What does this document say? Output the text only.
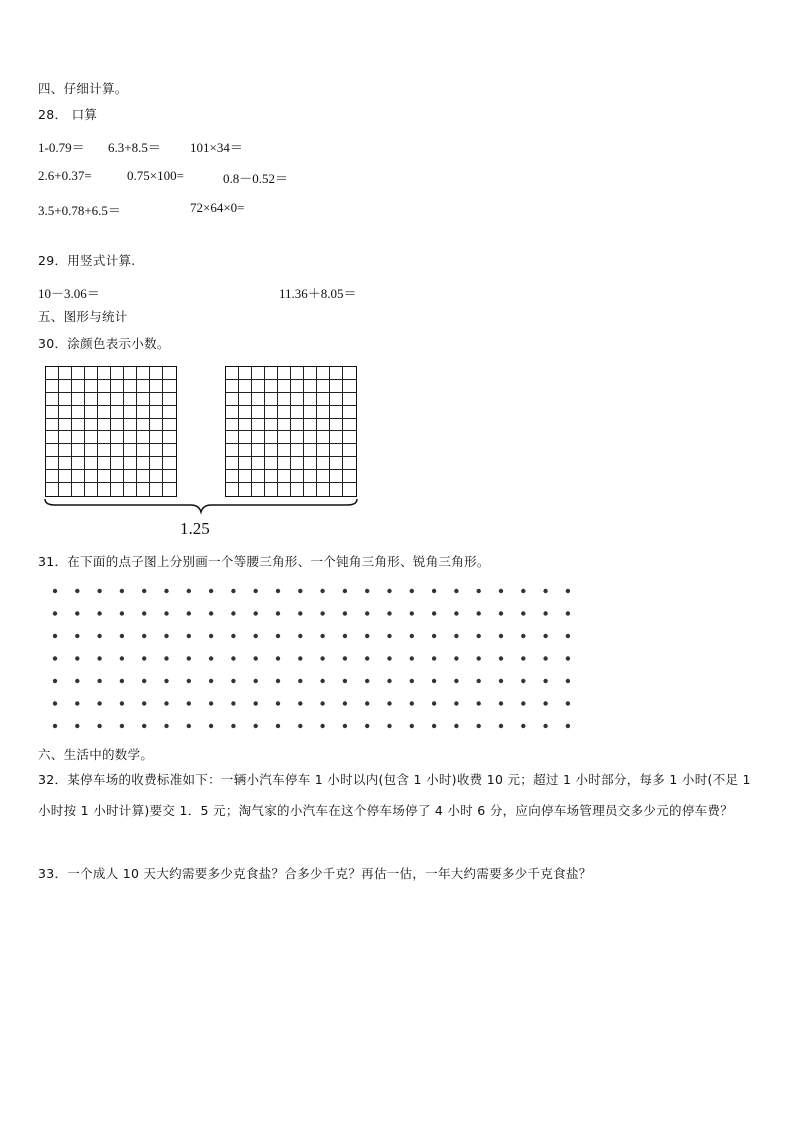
四、仔细计算。
28． 口算
1-0.79＝ 6.3+8.5＝ 101×34＝
2.6+0.37=	0.75×100=	0.8－0.52＝
3.5+0.78+6.5＝	72×64×0=
29．用竖式计算.
10－3.06＝	11.36＋8.05＝
五、图形与统计
30．涂颜色表示小数。
1.25
31．在下面的点子图上分别画一个等腰三角形、一个钝角三角形、锐角三角形。
六、生活中的数学。
32．某停车场的收费标准如下：一辆小汽车停车 1 小时以内(包含 1 小时)收费 10 元；超过 1 小时部分，每多 1 小时(不足 1 小时按 1 小时计算)要交 1．5 元；淘气家的小汽车在这个停车场停了 4 小时 6 分，应向停车场管理员交多少元的停车费？
33．一个成人 10 天大约需要多少克食盐？合多少千克？再估一估，一年大约需要多少千克食盐？
